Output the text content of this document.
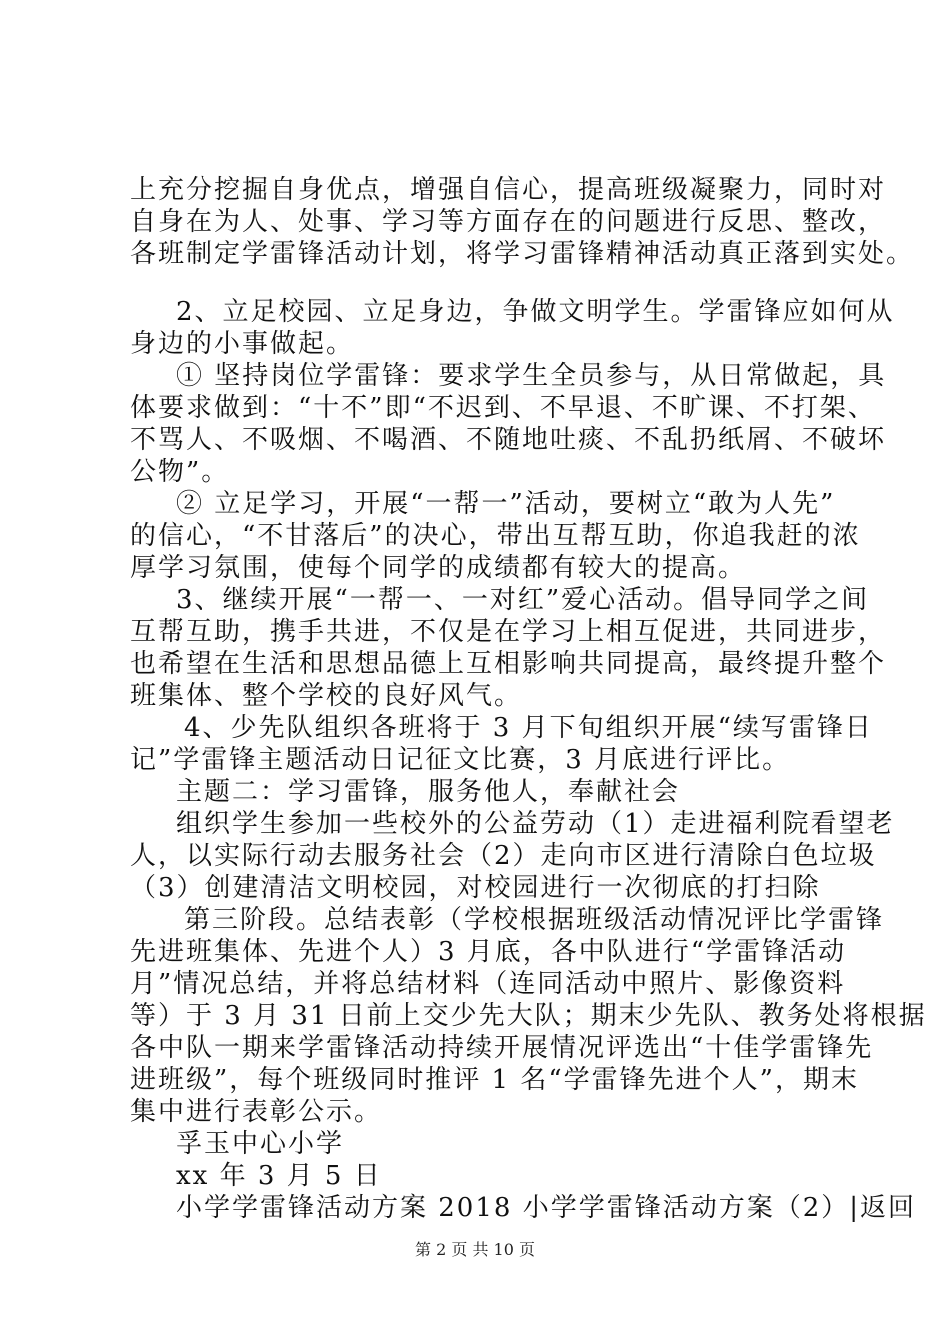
上充分挖掘自身优点，增强自信心，提高班级凝聚力，同时对
自身在为人、处事、学习等方面存在的问题进行反思、整改，
各班制定学雷锋活动计划，将学习雷锋精神活动真正落到实处。
2、立足校园、立足身边，争做文明学生。学雷锋应如何从
身边的小事做起。
① 坚持岗位学雷锋：要求学生全员参与，从日常做起，具
体要求做到：“十不”即“不迟到、不早退、不旷课、不打架、
不骂人、不吸烟、不喝酒、不随地吐痰、不乱扔纸屑、不破坏
公物”。
② 立足学习，开展“一帮一”活动，要树立“敢为人先”
的信心，“不甘落后”的决心，带出互帮互助，你追我赶的浓
厚学习氛围，使每个同学的成绩都有较大的提高。
3、继续开展“一帮一、一对红”爱心活动。倡导同学之间
互帮互助，携手共进，不仅是在学习上相互促进，共同进步，
也希望在生活和思想品德上互相影响共同提高，最终提升整个
班集体、整个学校的良好风气。
4、少先队组织各班将于 3 月下旬组织开展“续写雷锋日
记”学雷锋主题活动日记征文比赛，3 月底进行评比。
主题二：学习雷锋，服务他人，奉献社会
组织学生参加一些校外的公益劳动（1）走进福利院看望老
人，以实际行动去服务社会（2）走向市区进行清除白色垃圾
（3）创建清洁文明校园，对校园进行一次彻底的打扫除
第三阶段。总结表彰（学校根据班级活动情况评比学雷锋
先进班集体、先进个人）3 月底，各中队进行“学雷锋活动
月”情况总结，并将总结材料（连同活动中照片、影像资料
等）于 3 月 31 日前上交少先大队；期末少先队、教务处将根据
各中队一期来学雷锋活动持续开展情况评选出“十佳学雷锋先
进班级”，每个班级同时推评 1 名“学雷锋先进个人”，期末
集中进行表彰公示。
孚玉中心小学
xx 年 3 月 5 日
小学学雷锋活动方案 2018 小学学雷锋活动方案（2）|返回
第 2 页 共 10 页
